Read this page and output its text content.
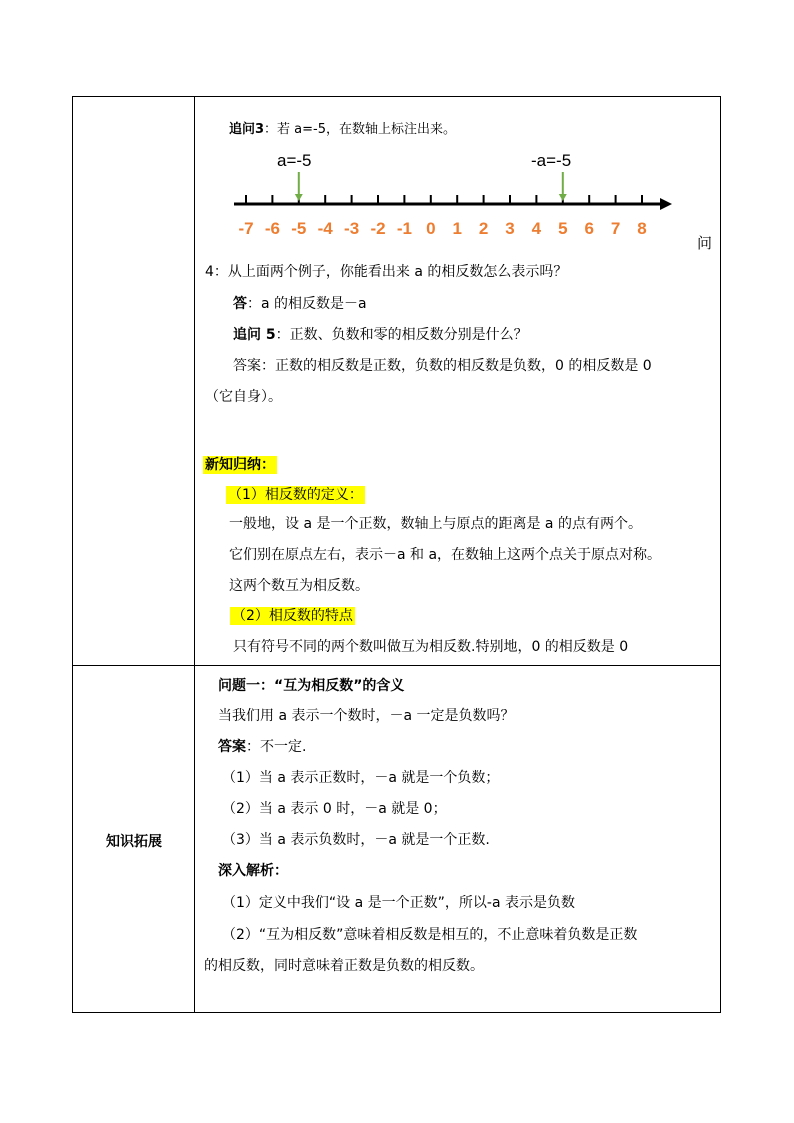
追问3：若 a=-5，在数轴上标注出来。
a=-5	-a=-5
-7 -6 -5 -4 -3 -2 -1 0 1 2 3 4 5 6 7 8
问
4：从上面两个例子，你能看出来 a 的相反数怎么表示吗？
答：a 的相反数是－a
追问 5：正数、负数和零的相反数分别是什么？
答案：正数的相反数是正数，负数的相反数是负数，0 的相反数是 0
（它自身）。
新知归纳：
（1）相反数的定义：
一般地，设 a 是一个正数，数轴上与原点的距离是 a 的点有两个。
它们别在原点左右，表示－a 和 a，在数轴上这两个点关于原点对称。
这两个数互为相反数。
（2）相反数的特点
只有符号不同的两个数叫做互为相反数.特别地，0 的相反数是 0
知识拓展
问题一：“互为相反数”的含义
当我们用 a 表示一个数时，－a 一定是负数吗？
答案：不一定.
（1）当 a 表示正数时，－a 就是一个负数；
（2）当 a 表示 0 时，－a 就是 0；
（3）当 a 表示负数时，－a 就是一个正数.
深入解析：
（1）定义中我们“设 a 是一个正数”，所以-a 表示是负数
（2）“互为相反数”意味着相反数是相互的，不止意味着负数是正数
的相反数，同时意味着正数是负数的相反数。
